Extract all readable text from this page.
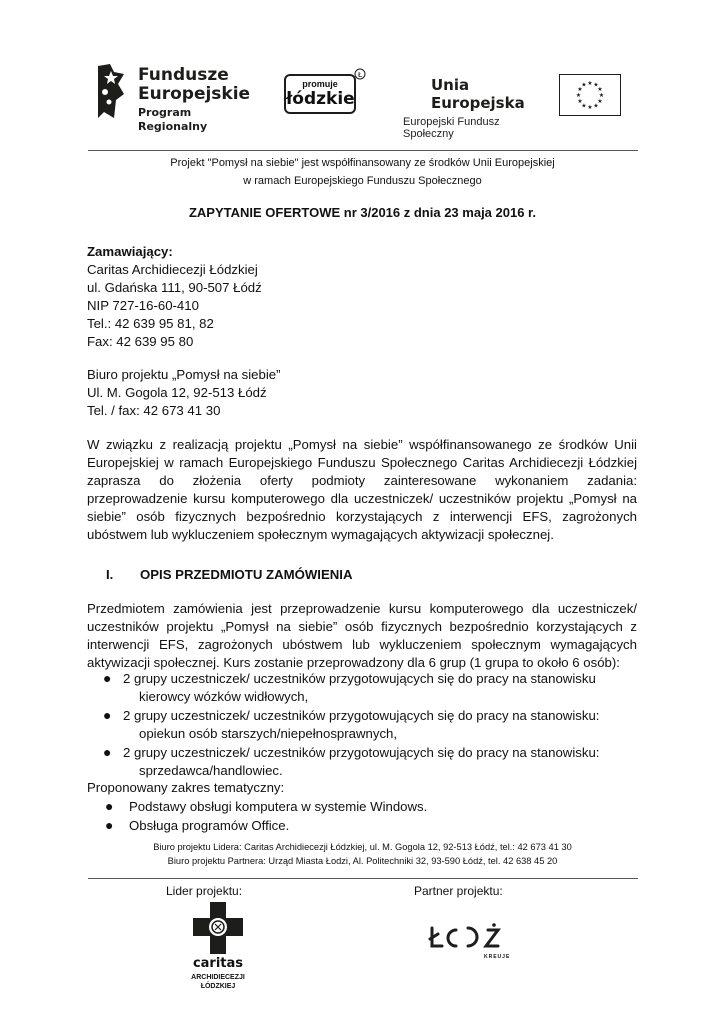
Fundusze
Europejskie
Program Regionalny
promuje
łódzkie
Ł
Unia Europejska
Europejski Fundusz Społeczny
★ ★
★
★
★
★
★
★
★
★
★
★
Projekt "Pomysł na siebie" jest współfinansowany ze środków Unii Europejskiej
w ramach Europejskiego Funduszu Społecznego
ZAPYTANIE OFERTOWE nr 3/2016 z dnia 23 maja 2016 r.
Zamawiający:
Caritas Archidiecezji Łódzkiej
ul. Gdańska 111, 90-507 Łódź
NIP 727-16-60-410
Tel.: 42 639 95 81, 82
Fax: 42 639 95 80
Biuro projektu „Pomysł na siebie”
Ul. M. Gogola 12, 92-513 Łódź
Tel. / fax: 42 673 41 30
W związku z realizacją projektu „Pomysł na siebie” współfinansowanego ze środków Unii
Europejskiej w ramach Europejskiego Funduszu Społecznego Caritas Archidiecezji Łódzkiej
zaprasza do złożenia oferty podmioty zainteresowane wykonaniem zadania:
przeprowadzenie kursu komputerowego dla uczestniczek/ uczestników projektu „Pomysł na
siebie” osób fizycznych bezpośrednio korzystających z interwencji EFS, zagrożonych
ubóstwem lub wykluczeniem społecznym wymagających aktywizacji społecznej.
I. OPIS PRZEDMIOTU ZAMÓWIENIA
Przedmiotem zamówienia jest przeprowadzenie kursu komputerowego dla uczestniczek/
uczestników projektu „Pomysł na siebie” osób fizycznych bezpośrednio korzystających z
interwencji EFS, zagrożonych ubóstwem lub wykluczeniem społecznym wymagających
aktywizacji społecznej. Kurs zostanie przeprowadzony dla 6 grup (1 grupa to około 6 osób):
● 2 grupy uczestniczek/ uczestników przygotowujących się do pracy na stanowisku
kierowcy wózków widłowych,
● 2 grupy uczestniczek/ uczestników przygotowujących się do pracy na stanowisku:
opiekun osób starszych/niepełnosprawnych,
● 2 grupy uczestniczek/ uczestników przygotowujących się do pracy na stanowisku:
sprzedawca/handlowiec.
Proponowany zakres tematyczny:
● Podstawy obsługi komputera w systemie Windows.
● Obsługa programów Office.
Biuro projektu Lidera: Caritas Archidiecezji Łódzkiej, ul. M. Gogola 12, 92-513 Łódź, tel.: 42 673 41 30
Biuro projektu Partnera: Urząd Miasta Łodzi, Al. Politechniki 32, 93-590 Łódź, tel. 42 638 45 20
Lider projektu:	Partner projektu:
caritas
ARCHIDIECEZJI
ŁÓDZKIEJ
KREUJE
